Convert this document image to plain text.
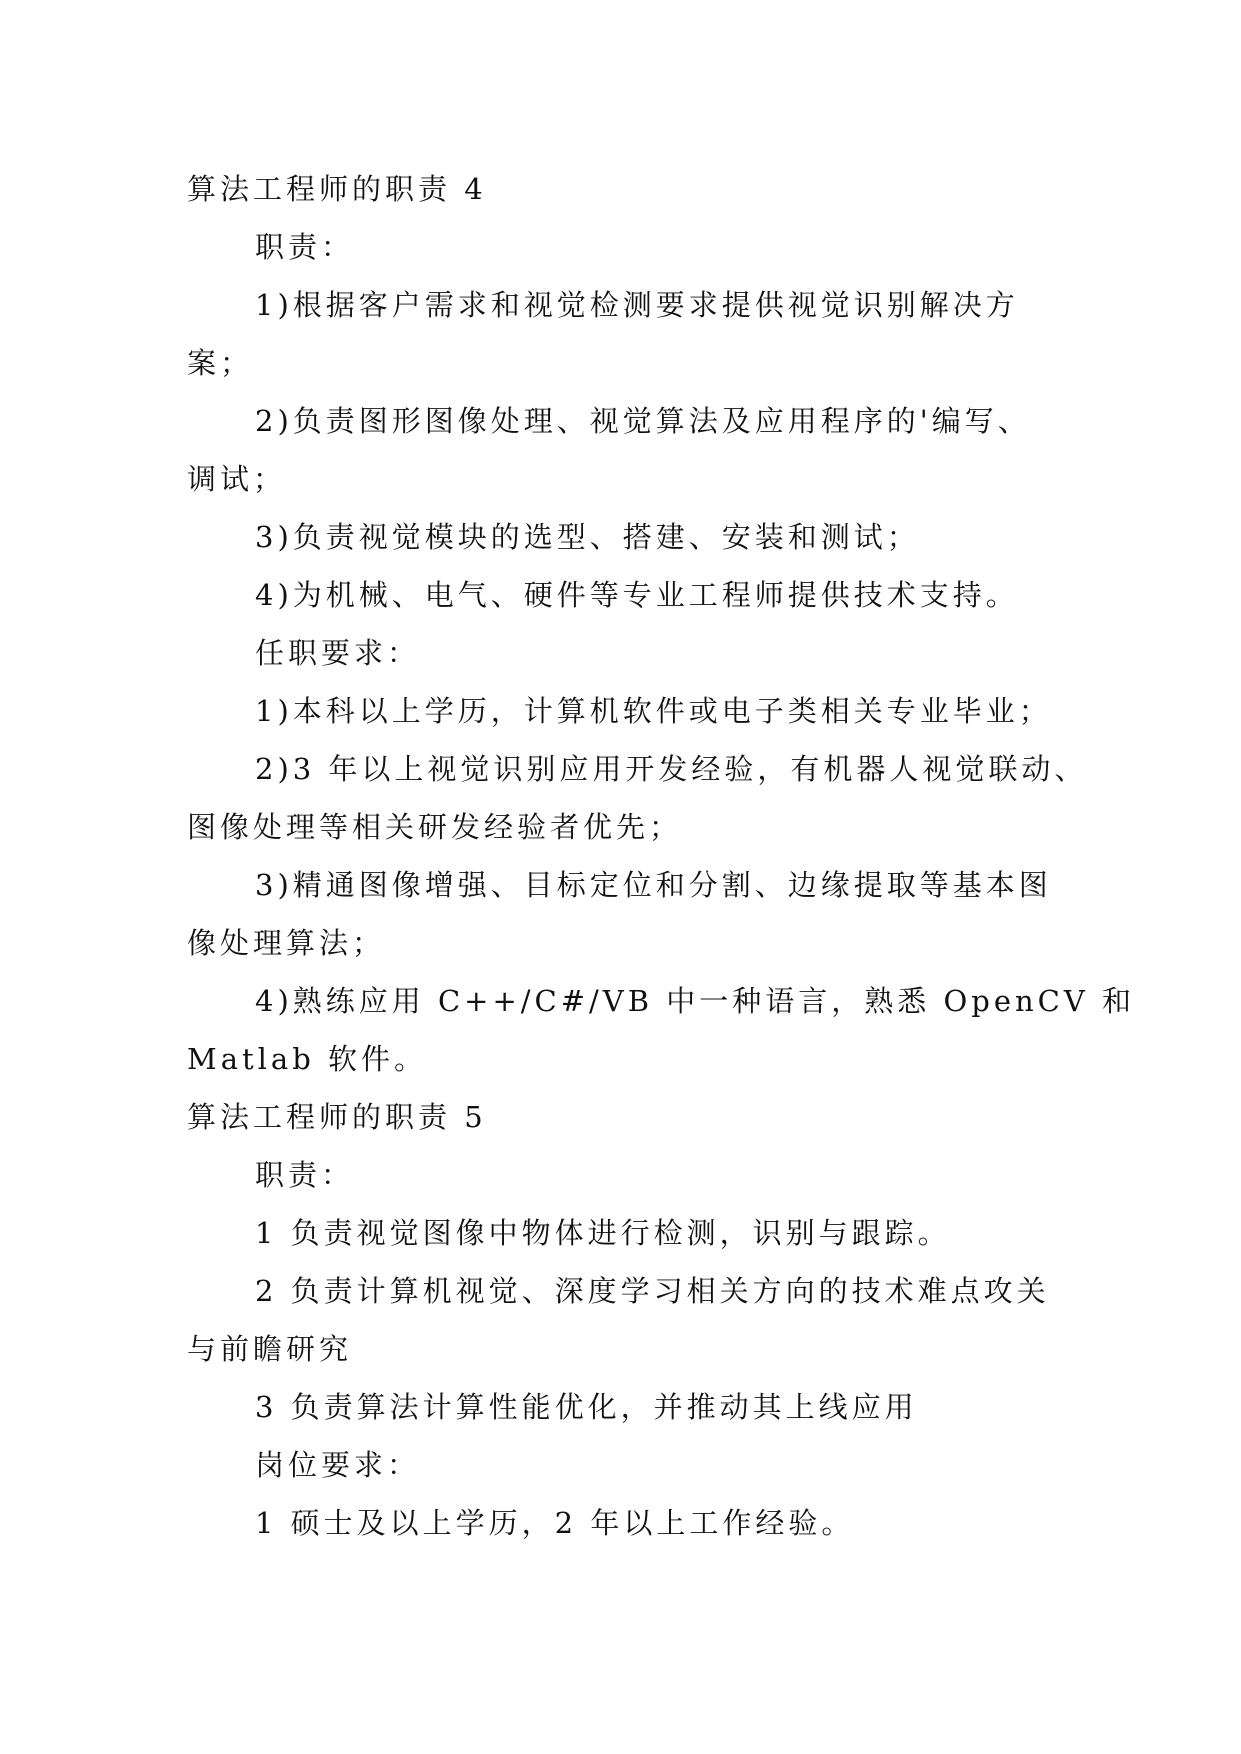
算法工程师的职责 4
职责：
1)根据客户需求和视觉检测要求提供视觉识别解决方
案；
2)负责图形图像处理、视觉算法及应用程序的'编写、
调试；
3)负责视觉模块的选型、搭建、安装和测试；
4)为机械、电气、硬件等专业工程师提供技术支持。
任职要求：
1)本科以上学历，计算机软件或电子类相关专业毕业；
2)3 年以上视觉识别应用开发经验，有机器人视觉联动、
图像处理等相关研发经验者优先；
3)精通图像增强、目标定位和分割、边缘提取等基本图
像处理算法；
4)熟练应用 C++/C#/VB 中一种语言，熟悉 OpenCV 和
Matlab 软件。
算法工程师的职责 5
职责：
1 负责视觉图像中物体进行检测，识别与跟踪。
2 负责计算机视觉、深度学习相关方向的技术难点攻关
与前瞻研究
3 负责算法计算性能优化，并推动其上线应用
岗位要求：
1 硕士及以上学历，2 年以上工作经验。
